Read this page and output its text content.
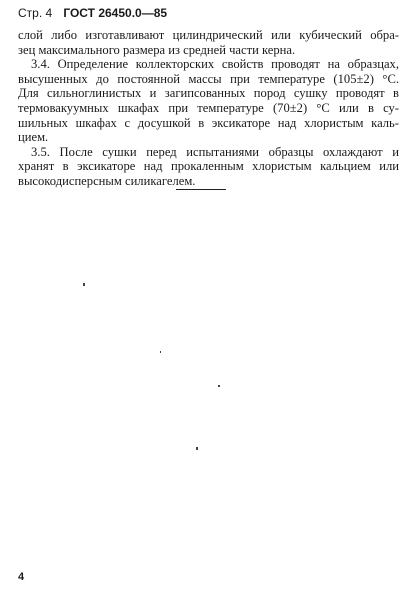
Стр. 4 ГОСТ 26450.0—85
слой либо изготавливают цилиндрический или кубический обра-
зец максимального размера из средней части керна.
3.4. Определение коллекторских свойств проводят на образцах,
высушенных до постоянной массы при температуре (105±2) °С.
Для сильноглинистых и загипсованных пород сушку проводят в
термовакуумных шкафах при температуре (70±2) °С или в су-
шильных шкафах с досушкой в эксикаторе над хлористым каль-
цием.
3.5. После сушки перед испытаниями образцы охлаждают и
хранят в эксикаторе над прокаленным хлористым кальцием или
высокодисперсным силикагелем.
4
